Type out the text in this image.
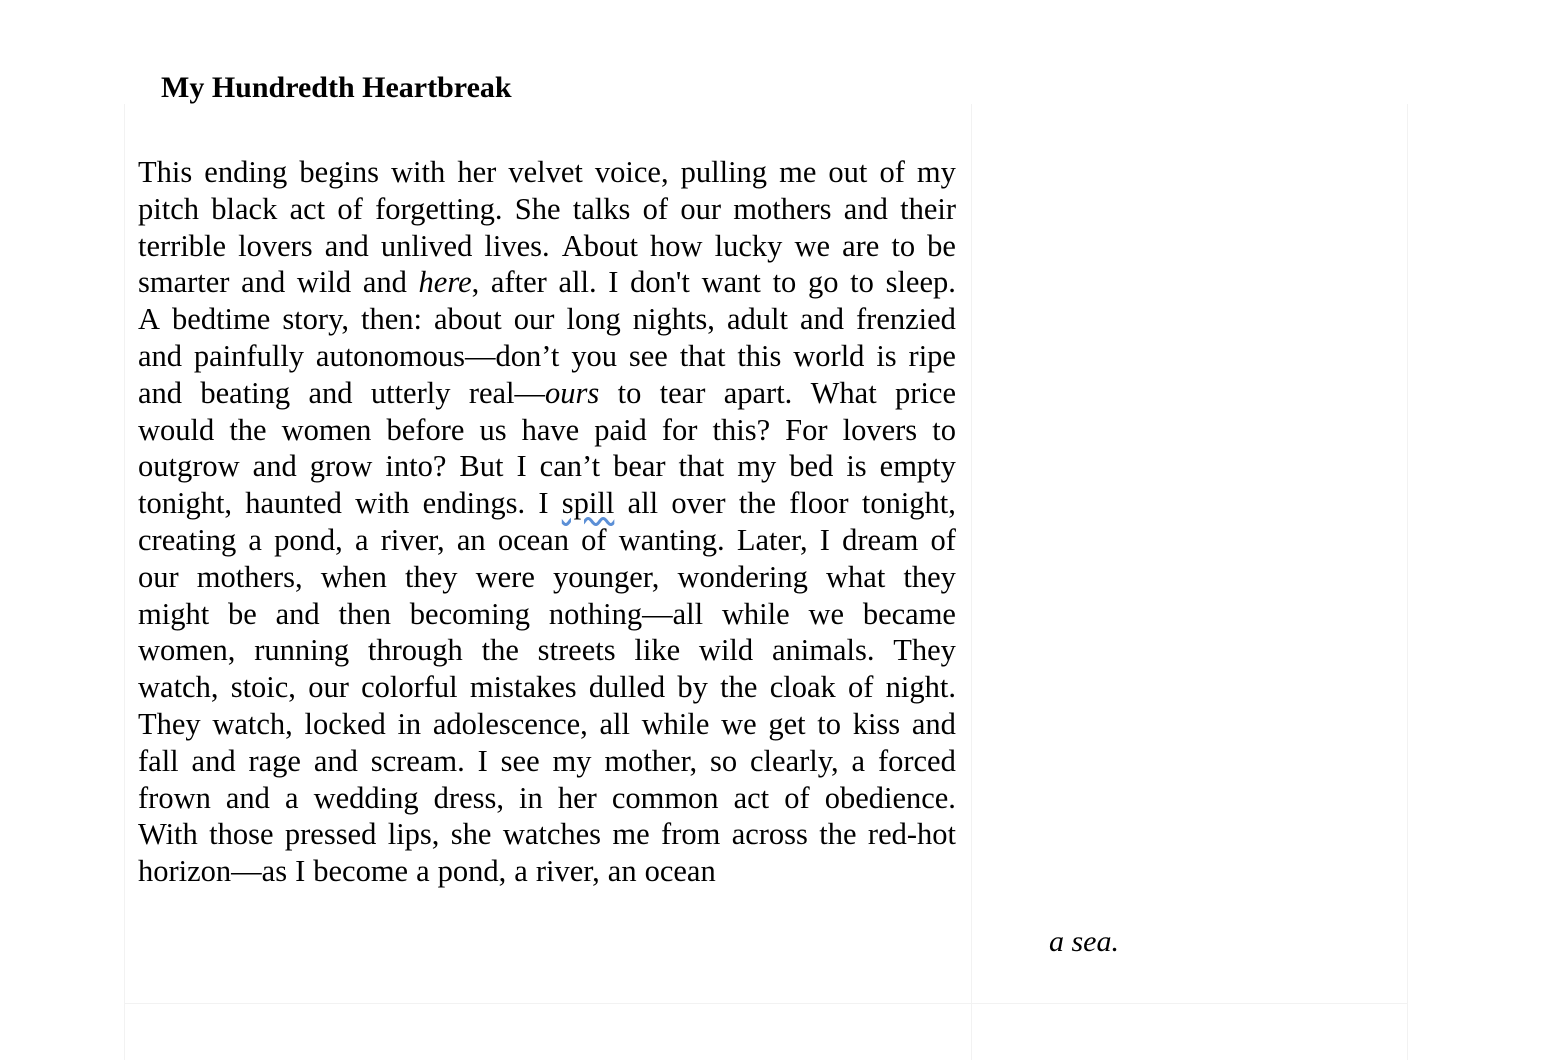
My Hundredth Heartbreak
This ending begins with her velvet voice, pulling me out of my
pitch black act of forgetting. She talks of our mothers and their
terrible lovers and unlived lives. About how lucky we are to be
smarter and wild and here, after all. I don't want to go to sleep.
A bedtime story, then: about our long nights, adult and frenzied
and painfully autonomous—don’t you see that this world is ripe
and beating and utterly real—ours to tear apart. What price
would the women before us have paid for this? For lovers to
outgrow and grow into? But I can’t bear that my bed is empty
tonight, haunted with endings. I spill all over the floor tonight,
creating a pond, a river, an ocean of wanting. Later, I dream of
our mothers, when they were younger, wondering what they
might be and then becoming nothing—all while we became
women, running through the streets like wild animals. They
watch, stoic, our colorful mistakes dulled by the cloak of night.
They watch, locked in adolescence, all while we get to kiss and
fall and rage and scream. I see my mother, so clearly, a forced
frown and a wedding dress, in her common act of obedience.
With those pressed lips, she watches me from across the red-hot
horizon—as I become a pond, a river, an ocean
a sea.
